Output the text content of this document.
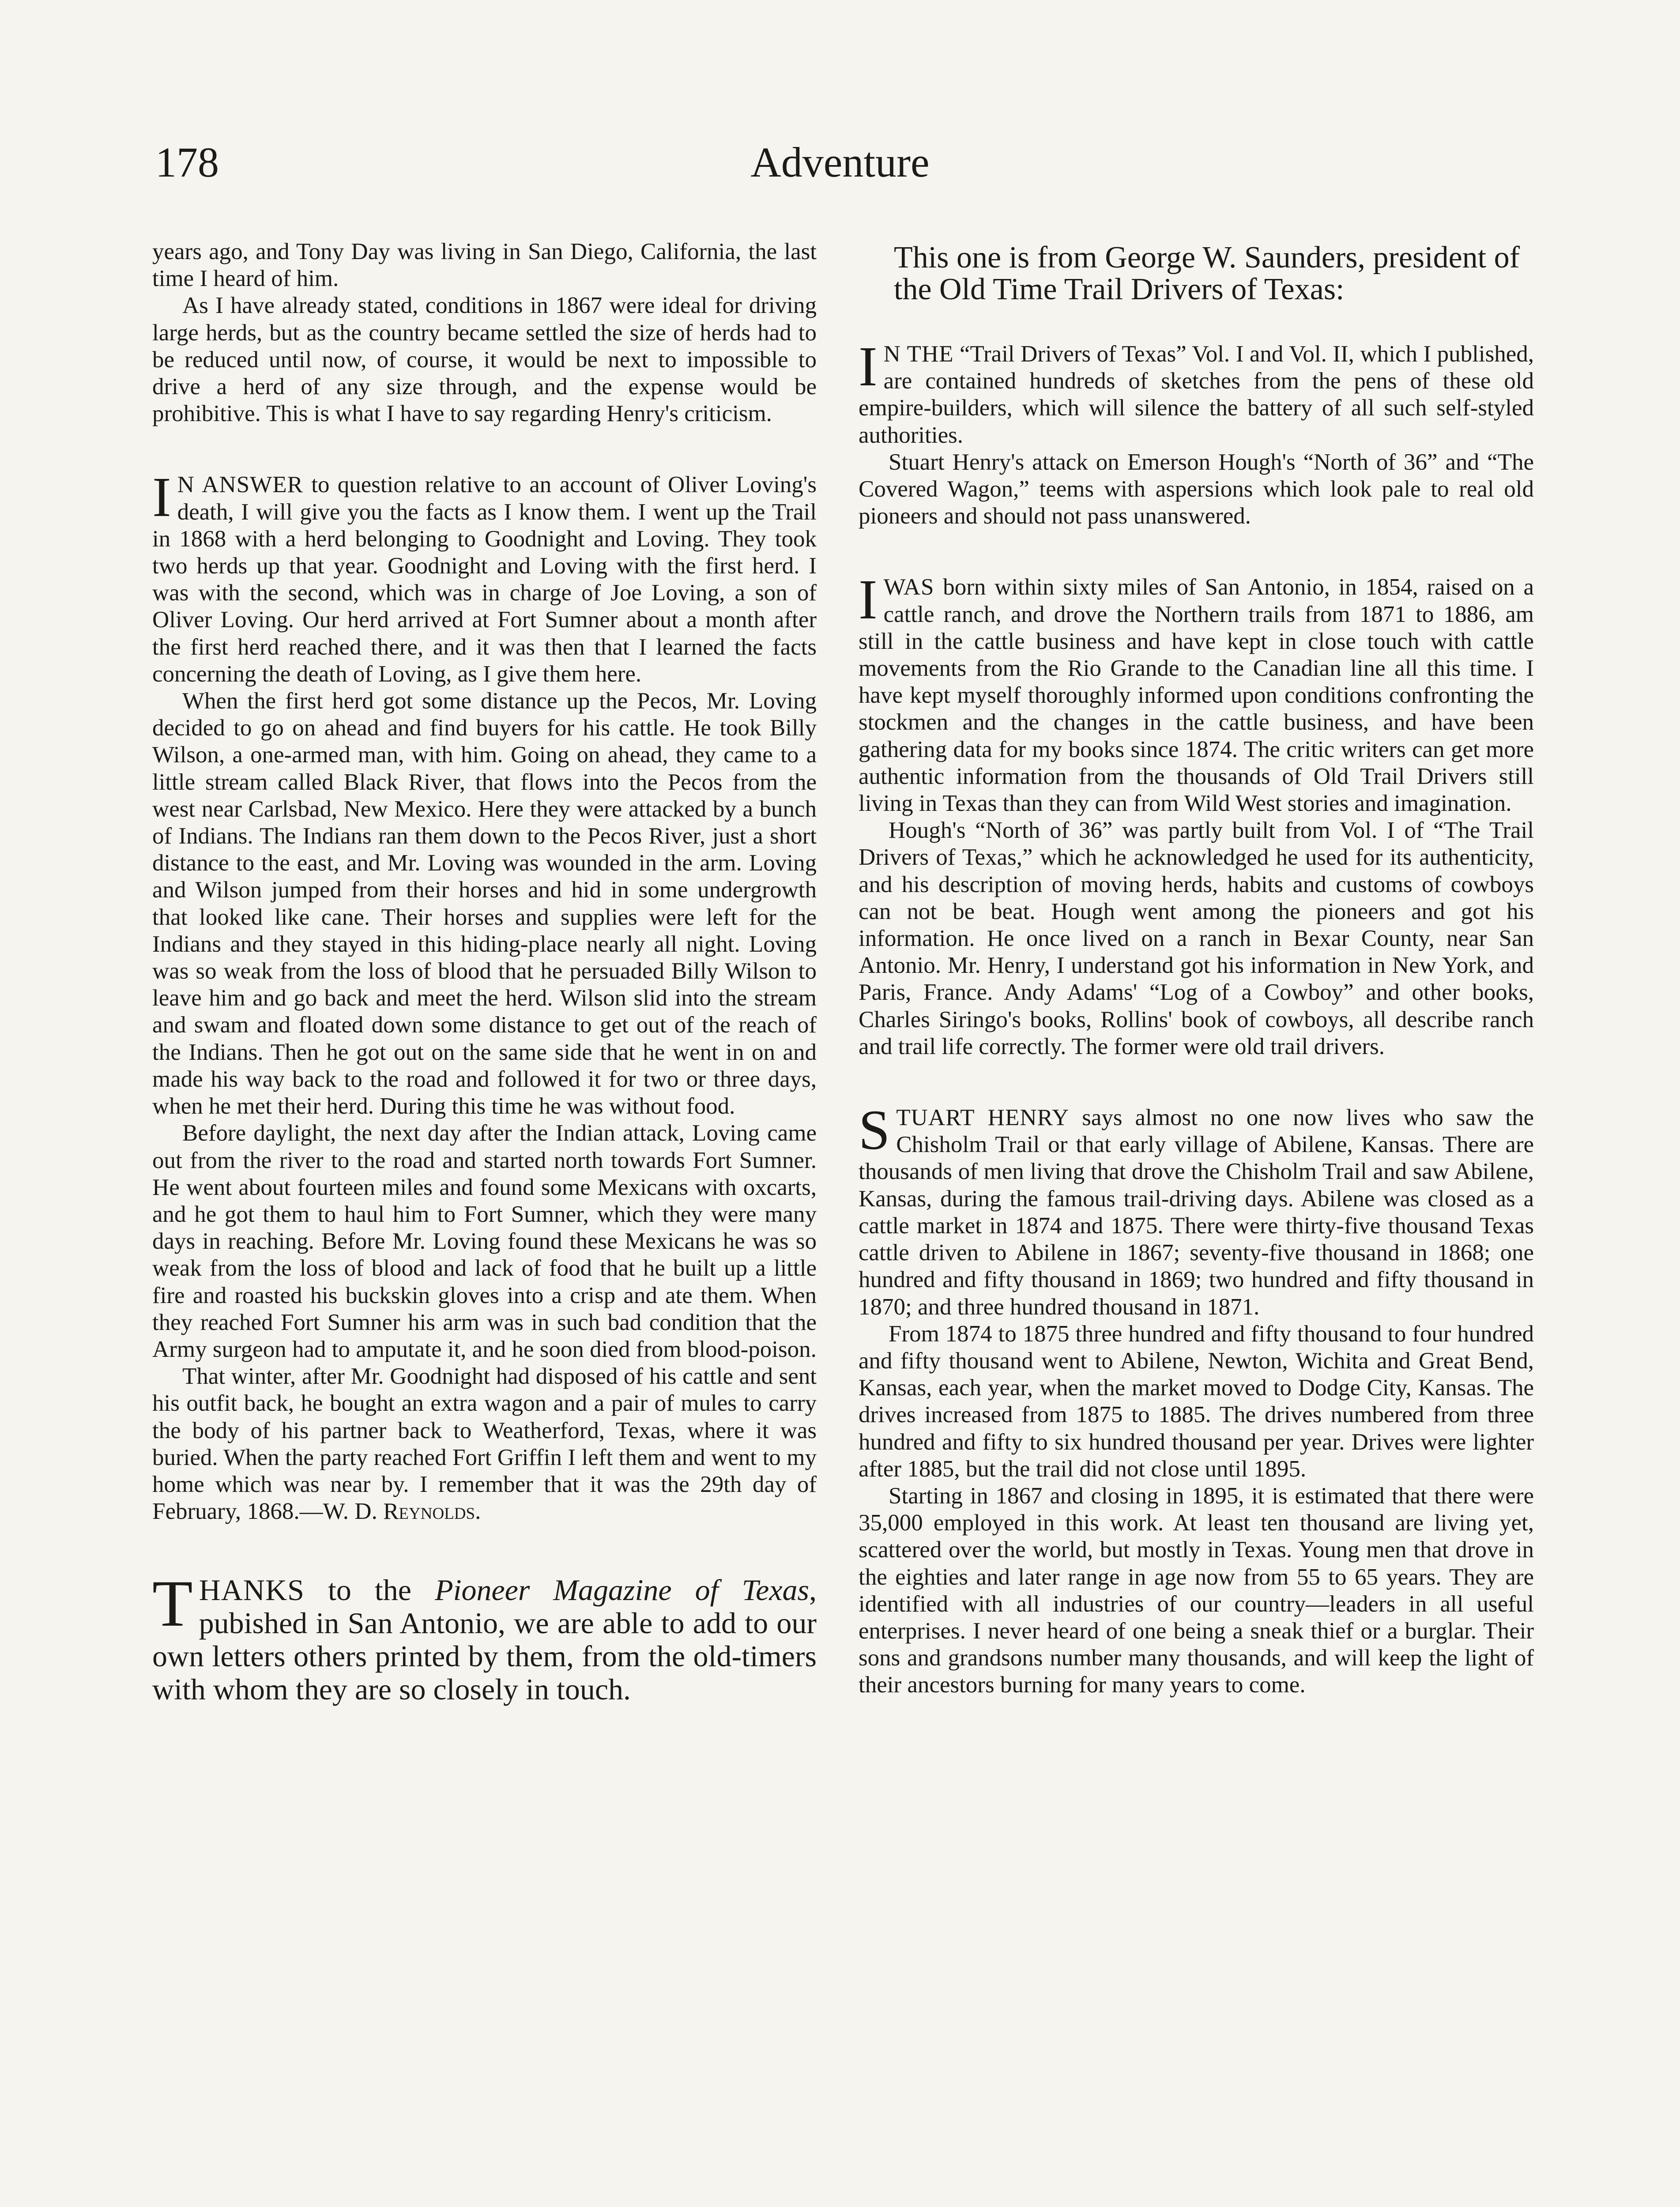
178	Adventure

years ago, and Tony Day was living in San Diego, California, the last time I heard of him.

As I have already stated, conditions in 1867 were ideal for driving large herds, but as the country became settled the size of herds had to be reduced until now, of course, it would be next to impossible to drive a herd of any size through, and the expense would be prohibitive. This is what I have to say regarding Henry's criticism.

I N ANSWER to question relative to an account of Oliver Loving's death, I will give you the facts as I know them. I went up the Trail in 1868 with a herd belonging to Goodnight and Loving. They took two herds up that year. Goodnight and Loving with the first herd. I was with the second, which was in charge of Joe Loving, a son of Oliver Loving. Our herd arrived at Fort Sumner about a month after the first herd reached there, and it was then that I learned the facts concerning the death of Loving, as I give them here.

When the first herd got some distance up the Pecos, Mr. Loving decided to go on ahead and find buyers for his cattle. He took Billy Wilson, a one-armed man, with him. Going on ahead, they came to a little stream called Black River, that flows into the Pecos from the west near Carlsbad, New Mexico. Here they were attacked by a bunch of Indians. The Indians ran them down to the Pecos River, just a short distance to the east, and Mr. Loving was wounded in the arm. Loving and Wilson jumped from their horses and hid in some undergrowth that looked like cane. Their horses and supplies were left for the Indians and they stayed in this hiding-place nearly all night. Loving was so weak from the loss of blood that he persuaded Billy Wilson to leave him and go back and meet the herd. Wilson slid into the stream and swam and floated down some distance to get out of the reach of the Indians. Then he got out on the same side that he went in on and made his way back to the road and followed it for two or three days, when he met their herd. During this time he was without food.

Before daylight, the next day after the Indian attack, Loving came out from the river to the road and started north towards Fort Sumner. He went about fourteen miles and found some Mexicans with oxcarts, and he got them to haul him to Fort Sumner, which they were many days in reaching. Before Mr. Loving found these Mexicans he was so weak from the loss of blood and lack of food that he built up a little fire and roasted his buckskin gloves into a crisp and ate them. When they reached Fort Sumner his arm was in such bad condition that the Army surgeon had to amputate it, and he soon died from blood-poison.

That winter, after Mr. Goodnight had disposed of his cattle and sent his outfit back, he bought an extra wagon and a pair of mules to carry the body of his partner back to Weatherford, Texas, where it was buried. When the party reached Fort Griffin I left them and went to my home which was near by. I remember that it was the 29th day of February, 1868.—W. D. Reynolds.

THANKS to the Pioneer Magazine of Texas, pubished in San Antonio, we are able to add to our own letters others printed by them, from the old-timers with whom they are so closely in touch.

This one is from George W. Saunders, president of the Old Time Trail Drivers of Texas:

I N THE “Trail Drivers of Texas” Vol. I and Vol. II, which I published, are contained hundreds of sketches from the pens of these old empire-builders, which will silence the battery of all such self-styled authorities.

Stuart Henry's attack on Emerson Hough's “North of 36” and “The Covered Wagon,” teems with aspersions which look pale to real old pioneers and should not pass unanswered.

I WAS born within sixty miles of San Antonio, in 1854, raised on a cattle ranch, and drove the Northern trails from 1871 to 1886, am still in the cattle business and have kept in close touch with cattle movements from the Rio Grande to the Canadian line all this time. I have kept myself thoroughly informed upon conditions confronting the stockmen and the changes in the cattle business, and have been gathering data for my books since 1874. The critic writers can get more authentic information from the thousands of Old Trail Drivers still living in Texas than they can from Wild West stories and imagination.

Hough's “North of 36” was partly built from Vol. I of “The Trail Drivers of Texas,” which he acknowledged he used for its authenticity, and his description of moving herds, habits and customs of cowboys can not be beat. Hough went among the pioneers and got his information. He once lived on a ranch in Bexar County, near San Antonio. Mr. Henry, I understand got his information in New York, and Paris, France. Andy Adams' “Log of a Cowboy” and other books, Charles Siringo's books, Rollins' book of cowboys, all describe ranch and trail life correctly. The former were old trail drivers.

STUART HENRY says almost no one now lives who saw the Chisholm Trail or that early village of Abilene, Kansas. There are thousands of men living that drove the Chisholm Trail and saw Abilene, Kansas, during the famous trail-driving days. Abilene was closed as a cattle market in 1874 and 1875. There were thirty-five thousand Texas cattle driven to Abilene in 1867; seventy-five thousand in 1868; one hundred and fifty thousand in 1869; two hundred and fifty thousand in 1870; and three hundred thousand in 1871.

From 1874 to 1875 three hundred and fifty thousand to four hundred and fifty thousand went to Abilene, Newton, Wichita and Great Bend, Kansas, each year, when the market moved to Dodge City, Kansas. The drives increased from 1875 to 1885. The drives numbered from three hundred and fifty to six hundred thousand per year. Drives were lighter after 1885, but the trail did not close until 1895.

Starting in 1867 and closing in 1895, it is estimated that there were 35,000 employed in this work. At least ten thousand are living yet, scattered over the world, but mostly in Texas. Young men that drove in the eighties and later range in age now from 55 to 65 years. They are identified with all industries of our country—leaders in all useful enterprises. I never heard of one being a sneak thief or a burglar. Their sons and grandsons number many thousands, and will keep the light of their ancestors burning for many years to come.
